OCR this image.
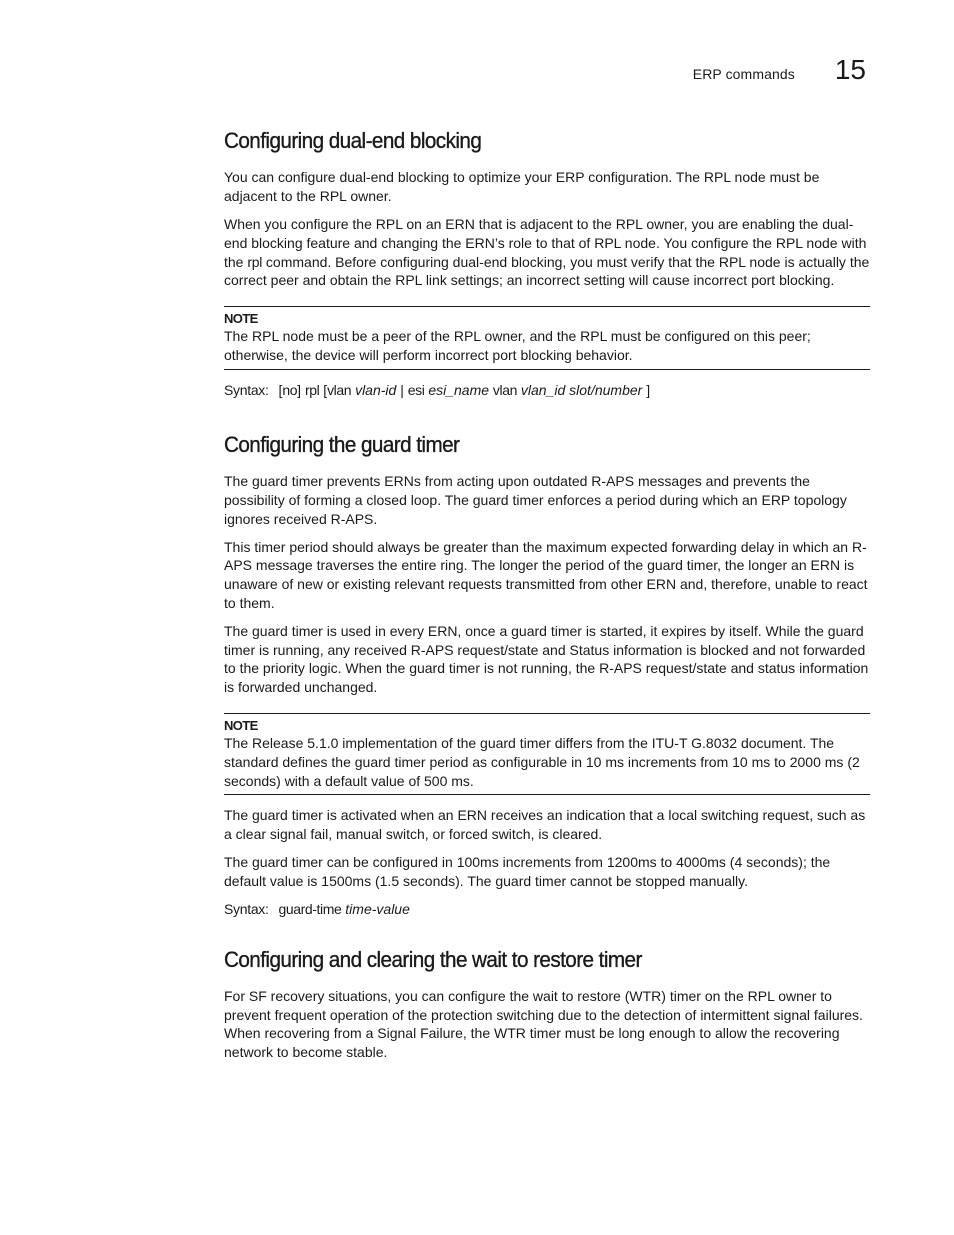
ERP commands 15
Configuring dual-end blocking

You can configure dual-end blocking to optimize your ERP configuration. The RPL node must be adjacent to the RPL owner.

When you configure the RPL on an ERN that is adjacent to the RPL owner, you are enabling the dual-end blocking feature and changing the ERN’s role to that of RPL node. You configure the RPL node with the rpl command. Before configuring dual-end blocking, you must verify that the RPL node is actually the correct peer and obtain the RPL link settings; an incorrect setting will cause incorrect port blocking.

NOTE

The RPL node must be a peer of the RPL owner, and the RPL must be configured on this peer; otherwise, the device will perform incorrect port blocking behavior.

Syntax: [no] rpl [vlan vlan-id | esi esi_name vlan vlan_id slot/number ]
Configuring the guard timer

The guard timer prevents ERNs from acting upon outdated R-APS messages and prevents the possibility of forming a closed loop. The guard timer enforces a period during which an ERP topology ignores received R-APS.

This timer period should always be greater than the maximum expected forwarding delay in which an R-APS message traverses the entire ring. The longer the period of the guard timer, the longer an ERN is unaware of new or existing relevant requests transmitted from other ERN and, therefore, unable to react to them.

The guard timer is used in every ERN, once a guard timer is started, it expires by itself. While the guard timer is running, any received R-APS request/state and Status information is blocked and not forwarded to the priority logic. When the guard timer is not running, the R-APS request/state and status information is forwarded unchanged.

NOTE

The Release 5.1.0 implementation of the guard timer differs from the ITU-T G.8032 document. The standard defines the guard timer period as configurable in 10 ms increments from 10 ms to 2000 ms (2 seconds) with a default value of 500 ms.

The guard timer is activated when an ERN receives an indication that a local switching request, such as a clear signal fail, manual switch, or forced switch, is cleared.

The guard timer can be configured in 100ms increments from 1200ms to 4000ms (4 seconds); the default value is 1500ms (1.5 seconds). The guard timer cannot be stopped manually.

Syntax: guard-time time-value
Configuring and clearing the wait to restore timer

For SF recovery situations, you can configure the wait to restore (WTR) timer on the RPL owner to prevent frequent operation of the protection switching due to the detection of intermittent signal failures. When recovering from a Signal Failure, the WTR timer must be long enough to allow the recovering network to become stable.
